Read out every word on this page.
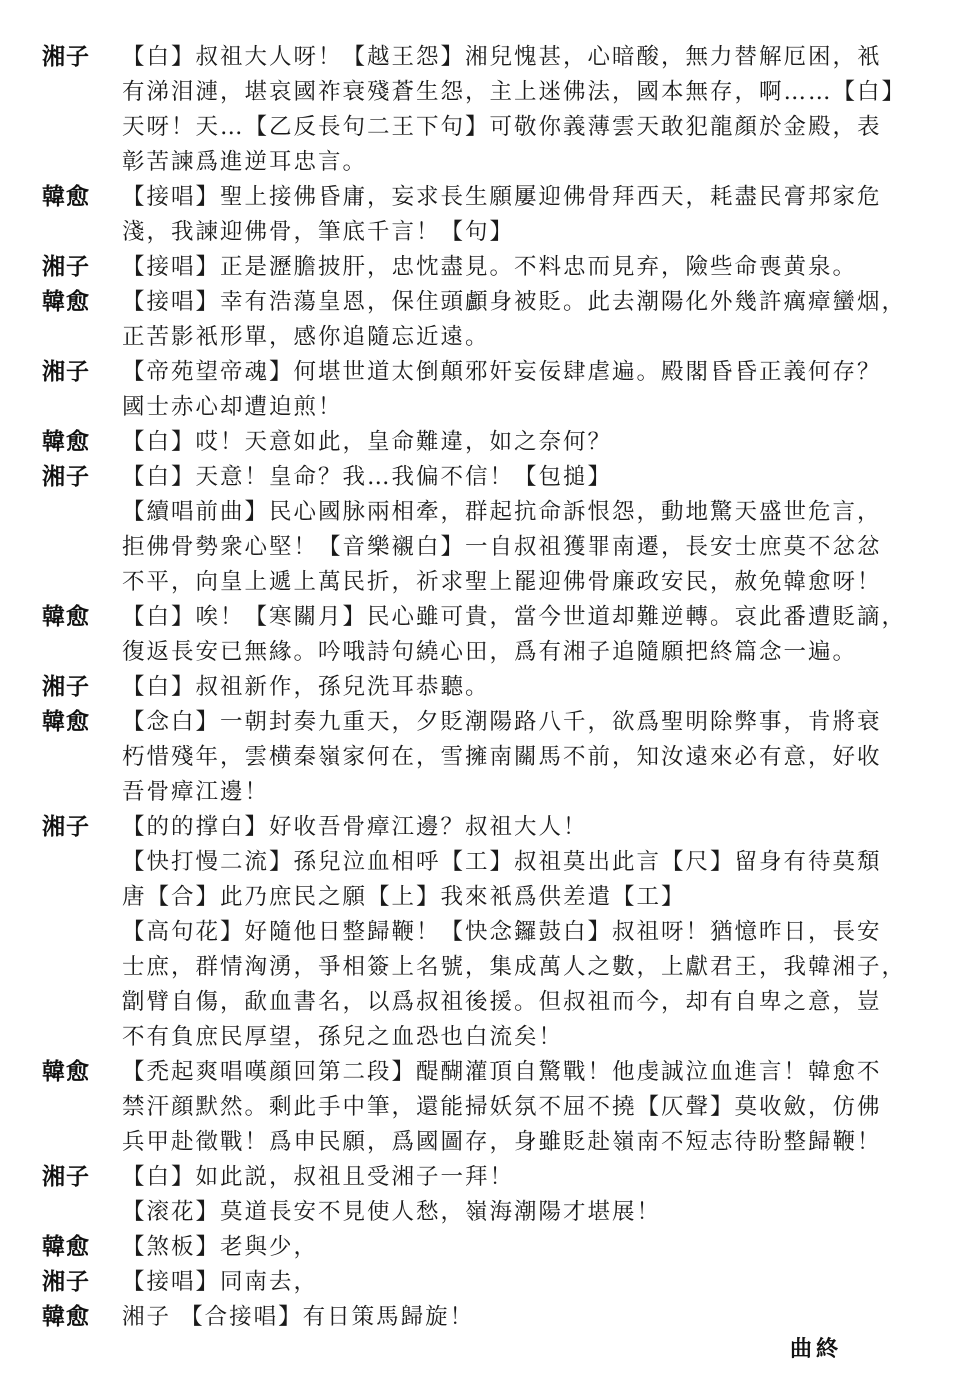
湘子	【白】叔祖大人呀！【越王怨】湘兒愧甚，心暗酸，無力替解厄困，衹
有涕泪漣，堪哀國祚衰殘蒼生怨，主上迷佛法，國本無存，啊……【白】
天呀！天…【乙反長句二王下句】可敬你義薄雲天敢犯龍顏於金殿，表
彰苦諫爲進逆耳忠言。
韓愈	【接唱】聖上接佛昏庸，妄求長生願屢迎佛骨拜西天，耗盡民膏邦家危
淺，我諫迎佛骨，筆底千言！【句】
湘子	【接唱】正是瀝膽披肝，忠忱盡見。不料忠而見弃，險些命喪黄泉。
韓愈	【接唱】幸有浩蕩皇恩，保住頭顱身被貶。此去潮陽化外幾許癘瘴蠻烟，
正苦影衹形單，感你追隨忘近遠。
湘子	【帝苑望帝魂】何堪世道太倒顛邪奸妄佞肆虐遍。殿閣昏昏正義何存？
國士赤心却遭迫煎！
韓愈	【白】哎！天意如此，皇命難違，如之奈何？
湘子	【白】天意！皇命？我…我偏不信！【包搥】
【續唱前曲】民心國脉兩相牽，群起抗命訴恨怨，動地驚天盛世危言，
拒佛骨勢衆心堅！【音樂襯白】一自叔祖獲罪南遷，長安士庶莫不忿忿
不平，向皇上遞上萬民折，祈求聖上罷迎佛骨廉政安民，赦免韓愈呀！
韓愈	【白】唉！【寒關月】民心雖可貴，當今世道却難逆轉。哀此番遭貶謫，
復返長安已無緣。吟哦詩句繞心田，爲有湘子追隨願把終篇念一遍。
湘子	【白】叔祖新作，孫兒洗耳恭聽。
韓愈	【念白】一朝封奏九重天，夕貶潮陽路八千，欲爲聖明除弊事，肯將衰
朽惜殘年，雲横秦嶺家何在，雪擁南關馬不前，知汝遠來必有意，好收
吾骨瘴江邊！
湘子	【的的撑白】好收吾骨瘴江邊？叔祖大人！
【快打慢二流】孫兒泣血相呼【工】叔祖莫出此言【尺】留身有待莫頽
唐【合】此乃庶民之願【上】我來衹爲供差遣【工】
【高句花】好隨他日整歸鞭！【快念鑼鼓白】叔祖呀！猶憶昨日，長安
士庶，群情洶湧，爭相簽上名號，集成萬人之數，上獻君王，我韓湘子，
劏臂自傷，歃血書名，以爲叔祖後援。但叔祖而今，却有自卑之意，豈
不有負庶民厚望，孫兒之血恐也白流矣！
韓愈	【禿起爽唱嘆顔回第二段】醍醐灌頂自驚戰！他虔誠泣血進言！韓愈不
禁汗顔默然。剩此手中筆，還能掃妖氛不屈不撓【仄聲】莫收斂，仿佛
兵甲赴徵戰！爲申民願，爲國圖存，身雖貶赴嶺南不短志待盼整歸鞭！
湘子	【白】如此説，叔祖且受湘子一拜！
【滚花】莫道長安不見使人愁，嶺海潮陽才堪展！
韓愈	【煞板】老與少，
湘子	【接唱】同南去，
韓愈	湘子 【合接唱】有日策馬歸旋！
曲終
